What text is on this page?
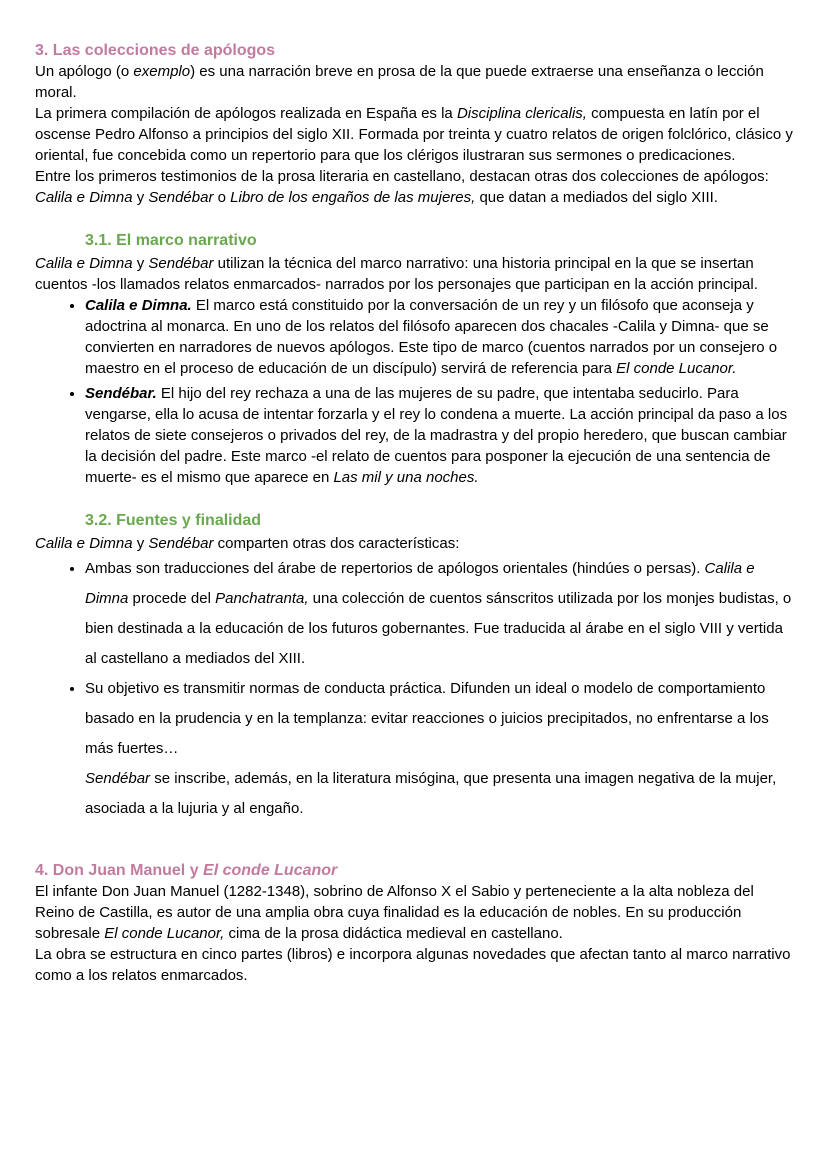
3. Las colecciones de apólogos

Un apólogo (o exemplo) es una narración breve en prosa de la que puede extraerse una enseñanza o lección moral.

La primera compilación de apólogos realizada en España es la Disciplina clericalis, compuesta en latín por el oscense Pedro Alfonso a principios del siglo XII. Formada por treinta y cuatro relatos de origen folclórico, clásico y oriental, fue concebida como un repertorio para que los clérigos ilustraran sus sermones o predicaciones.

Entre los primeros testimonios de la prosa literaria en castellano, destacan otras dos colecciones de apólogos: Calila e Dimna y Sendébar o Libro de los engaños de las mujeres, que datan a mediados del siglo XIII.

3.1. El marco narrativo

Calila e Dimna y Sendébar utilizan la técnica del marco narrativo: una historia principal en la que se insertan cuentos -los llamados relatos enmarcados- narrados por los personajes que participan en la acción principal.

• Calila e Dimna. El marco está constituido por la conversación de un rey y un filósofo que aconseja y adoctrina al monarca. En uno de los relatos del filósofo aparecen dos chacales -Calila y Dimna- que se convierten en narradores de nuevos apólogos. Este tipo de marco (cuentos narrados por un consejero o maestro en el proceso de educación de un discípulo) servirá de referencia para El conde Lucanor.
• Sendébar. El hijo del rey rechaza a una de las mujeres de su padre, que intentaba seducirlo. Para vengarse, ella lo acusa de intentar forzarla y el rey lo condena a muerte. La acción principal da paso a los relatos de siete consejeros o privados del rey, de la madrastra y del propio heredero, que buscan cambiar la decisión del padre. Este marco -el relato de cuentos para posponer la ejecución de una sentencia de muerte- es el mismo que aparece en Las mil y una noches.
3.2. Fuentes y finalidad

Calila e Dimna y Sendébar comparten otras dos características:

• Ambas son traducciones del árabe de repertorios de apólogos orientales (hindúes o persas). Calila e Dimna procede del Panchatranta, una colección de cuentos sánscritos utilizada por los monjes budistas, o bien destinada a la educación de los futuros gobernantes. Fue traducida al árabe en el siglo VIII y vertida al castellano a mediados del XIII.
• Su objetivo es transmitir normas de conducta práctica. Difunden un ideal o modelo de comportamiento basado en la prudencia y en la templanza: evitar reacciones o juicios precipitados, no enfrentarse a los más fuertes…
Sendébar se inscribe, además, en la literatura misógina, que presenta una imagen negativa de la mujer, asociada a la lujuria y al engaño.
4. Don Juan Manuel y El conde Lucanor

El infante Don Juan Manuel (1282-1348), sobrino de Alfonso X el Sabio y perteneciente a la alta nobleza del Reino de Castilla, es autor de una amplia obra cuya finalidad es la educación de nobles. En su producción sobresale El conde Lucanor, cima de la prosa didáctica medieval en castellano.

La obra se estructura en cinco partes (libros) e incorpora algunas novedades que afectan tanto al marco narrativo como a los relatos enmarcados.
